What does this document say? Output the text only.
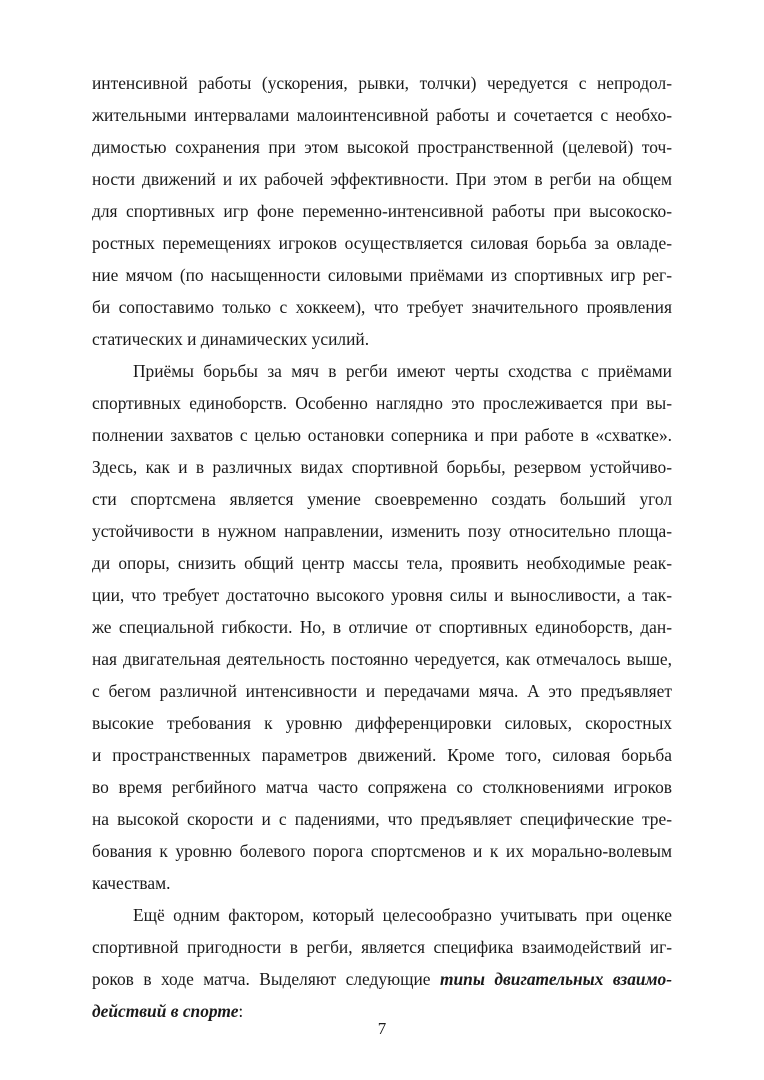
интенсивной работы (ускорения, рывки, толчки) чередуется с непродол-
жительными интервалами малоинтенсивной работы и сочетается с необхо-
димостью сохранения при этом высокой пространственной (целевой) точ-
ности движений и их рабочей эффективности. При этом в регби на общем
для спортивных игр фоне переменно-интенсивной работы при высокоско-
ростных перемещениях игроков осуществляется силовая борьба за овладе-
ние мячом (по насыщенности силовыми приёмами из спортивных игр рег-
би сопоставимо только с хоккеем), что требует значительного проявления
статических и динамических усилий.
Приёмы борьбы за мяч в регби имеют черты сходства с приёмами
спортивных единоборств. Особенно наглядно это прослеживается при вы-
полнении захватов с целью остановки соперника и при работе в «схватке».
Здесь, как и в различных видах спортивной борьбы, резервом устойчиво-
сти спортсмена является умение своевременно создать больший угол
устойчивости в нужном направлении, изменить позу относительно площа-
ди опоры, снизить общий центр массы тела, проявить необходимые реак-
ции, что требует достаточно высокого уровня силы и выносливости, а так-
же специальной гибкости. Но, в отличие от спортивных единоборств, дан-
ная двигательная деятельность постоянно чередуется, как отмечалось выше,
с бегом различной интенсивности и передачами мяча. А это предъявляет
высокие требования к уровню дифференцировки силовых, скоростных
и пространственных параметров движений. Кроме того, силовая борьба
во время регбийного матча часто сопряжена со столкновениями игроков
на высокой скорости и с падениями, что предъявляет специфические тре-
бования к уровню болевого порога спортсменов и к их морально-волевым
качествам.
Ещё одним фактором, который целесообразно учитывать при оценке
спортивной пригодности в регби, является специфика взаимодействий иг-
роков в ходе матча. Выделяют следующие типы двигательных взаимо-
действий в спорте:
7
